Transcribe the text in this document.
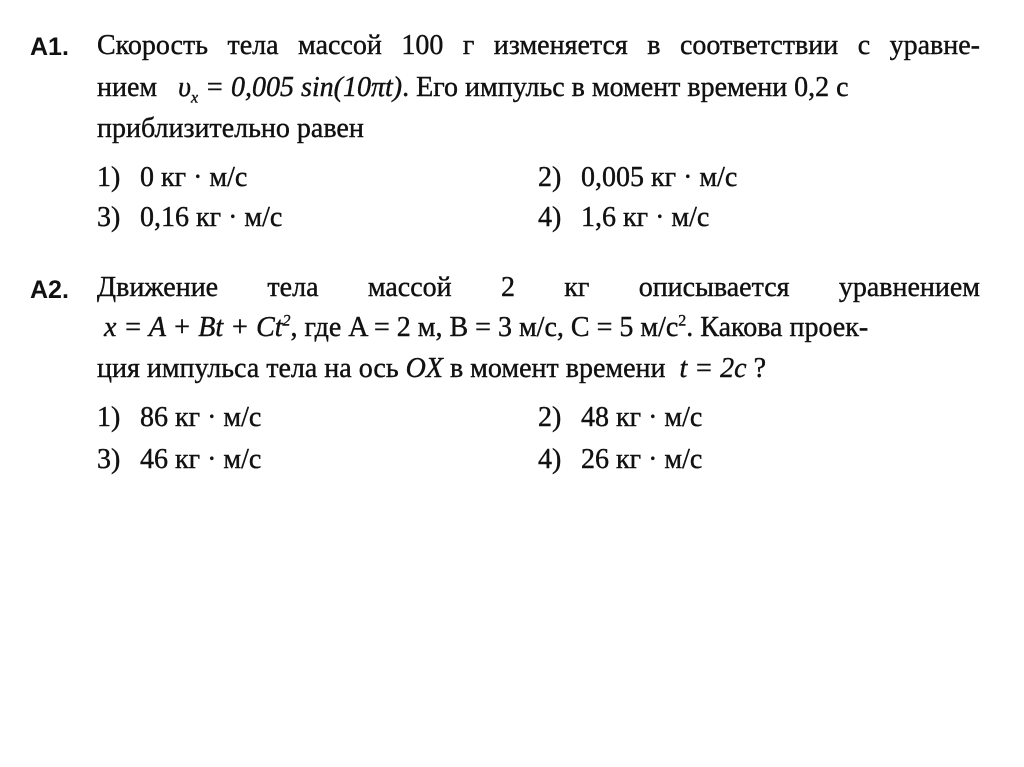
A1. Скорость тела массой 100 г изменяется в соответствии с уравне-
нием $\upsilon_x = 0,005$ sin(10πt). Его импульс в момент времени 0,2 с
приблизительно равен
1) 0 кг · м/с	2) 0,005 кг · м/с
3) 0,16 кг · м/с	4) 1,6 кг · м/с
A2. Движение тела массой 2 кг описывается уравнением
$x = A + Bt + Ct^2$, где A = 2 м, B = 3 м/с, C = 5 $м/с^2$. Какова проек-
ция импульса тела на ось OX в момент времени  t = 2c ?
1) 86 кг · м/с	2) 48 кг · м/с
3) 46 кг · м/с	4) 26 кг · м/с
